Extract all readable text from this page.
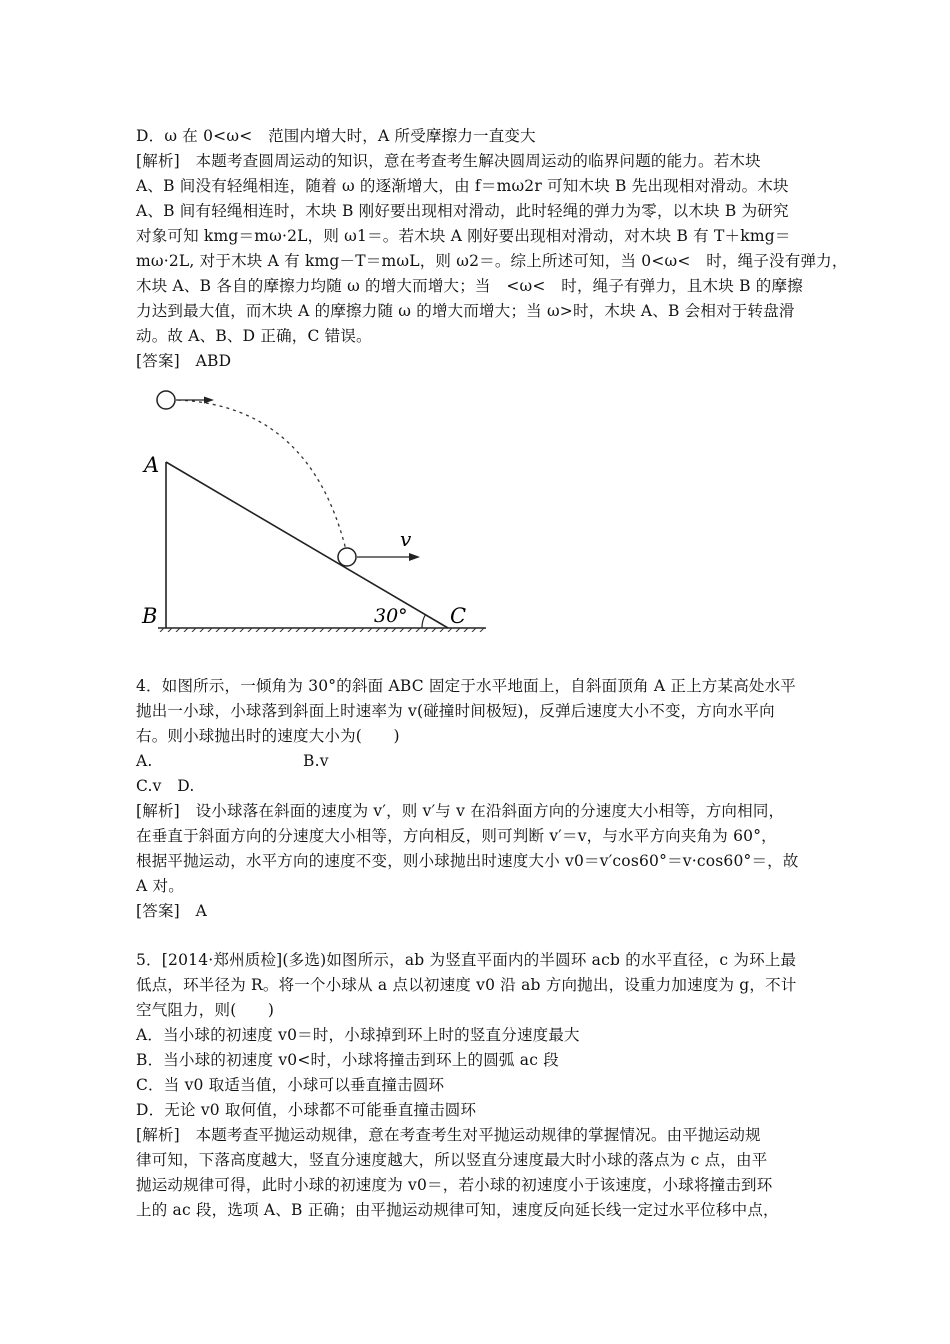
D．ω 在 0<ω<　范围内增大时，A 所受摩擦力一直变大
[解析]　本题考查圆周运动的知识，意在考查考生解决圆周运动的临界问题的能力。若木块
A、B 间没有轻绳相连，随着 ω 的逐渐增大，由 f＝mω2r 可知木块 B 先出现相对滑动。木块
A、B 间有轻绳相连时，木块 B 刚好要出现相对滑动，此时轻绳的弹力为零，以木块 B 为研究
对象可知 kmg＝mω·2L，则 ω1＝。若木块 A 刚好要出现相对滑动，对木块 B 有 T＋kmg＝
mω·2L, 对于木块 A 有 kmg－T＝mωL，则 ω2＝。综上所述可知，当 0<ω<　时，绳子没有弹力，
木块 A、B 各自的摩擦力均随 ω 的增大而增大；当　<ω<　时，绳子有弹力，且木块 B 的摩擦
力达到最大值，而木块 A 的摩擦力随 ω 的增大而增大；当 ω>时，木块 A、B 会相对于转盘滑
动。故 A、B、D 正确，C 错误。
[答案]　ABD
A
B	C
v
30°
4．如图所示，一倾角为 30°的斜面 ABC 固定于水平地面上，自斜面顶角 A 正上方某高处水平
抛出一小球，小球落到斜面上时速率为 v(碰撞时间极短)，反弹后速度大小不变，方向水平向
右。则小球抛出时的速度大小为(　　)
A.	B.v
C.v　D.
[解析]　设小球落在斜面的速度为 v′，则 v′与 v 在沿斜面方向的分速度大小相等，方向相同，
在垂直于斜面方向的分速度大小相等，方向相反，则可判断 v′＝v，与水平方向夹角为 60°，
根据平抛运动，水平方向的速度不变，则小球抛出时速度大小 v0＝v′cos60°＝v·cos60°＝，故
A 对。
[答案]　A
5．[2014·郑州质检](多选)如图所示，ab 为竖直平面内的半圆环 acb 的水平直径，c 为环上最
低点，环半径为 R。将一个小球从 a 点以初速度 v0 沿 ab 方向抛出，设重力加速度为 g，不计
空气阻力，则(　　)
A．当小球的初速度 v0＝时，小球掉到环上时的竖直分速度最大
B．当小球的初速度 v0<时，小球将撞击到环上的圆弧 ac 段
C．当 v0 取适当值，小球可以垂直撞击圆环
D．无论 v0 取何值，小球都不可能垂直撞击圆环
[解析]　本题考查平抛运动规律，意在考查考生对平抛运动规律的掌握情况。由平抛运动规
律可知，下落高度越大，竖直分速度越大，所以竖直分速度最大时小球的落点为 c 点，由平
抛运动规律可得，此时小球的初速度为 v0＝，若小球的初速度小于该速度，小球将撞击到环
上的 ac 段，选项 A、B 正确；由平抛运动规律可知，速度反向延长线一定过水平位移中点，
